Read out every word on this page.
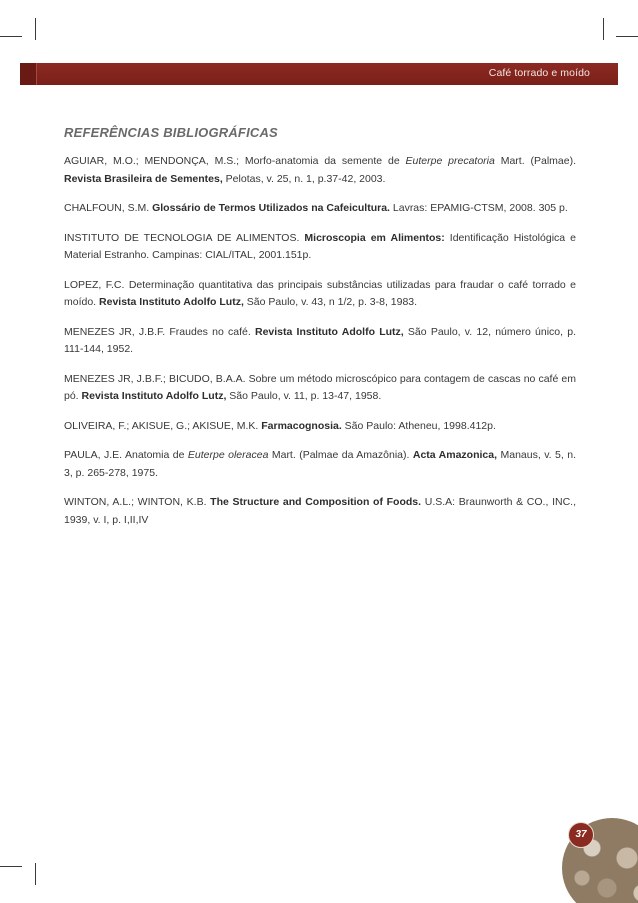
Café torrado e moído
REFERÊNCIAS BIBLIOGRÁFICAS

AGUIAR, M.O.; MENDONÇA, M.S.; Morfo-anatomia da semente de Euterpe precatoria Mart. (Palmae). Revista Brasileira de Sementes, Pelotas, v. 25, n. 1, p.37-42, 2003.

CHALFOUN, S.M. Glossário de Termos Utilizados na Cafeicultura. Lavras: EPAMIG-CTSM, 2008. 305 p.

INSTITUTO DE TECNOLOGIA DE ALIMENTOS. Microscopia em Alimentos: Identificação Histológica e Material Estranho. Campinas: CIAL/ITAL, 2001.151p.

LOPEZ, F.C. Determinação quantitativa das principais substâncias utilizadas para fraudar o café torrado e moído. Revista Instituto Adolfo Lutz, São Paulo, v. 43, n 1/2, p. 3-8, 1983.

MENEZES JR, J.B.F. Fraudes no café. Revista Instituto Adolfo Lutz, São Paulo, v. 12, número único, p. 111-144, 1952.

MENEZES JR, J.B.F.; BICUDO, B.A.A. Sobre um método microscópico para contagem de cascas no café em pó. Revista Instituto Adolfo Lutz, São Paulo, v. 11, p. 13-47, 1958.

OLIVEIRA, F.; AKISUE, G.; AKISUE, M.K. Farmacognosia. São Paulo: Atheneu, 1998.412p.

PAULA, J.E. Anatomia de Euterpe oleracea Mart. (Palmae da Amazônia). Acta Amazonica, Manaus, v. 5, n. 3, p. 265-278, 1975.

WINTON, A.L.; WINTON, K.B. The Structure and Composition of Foods. U.S.A: Braunworth & CO., INC., 1939, v. I, p. I,II,IV

37
